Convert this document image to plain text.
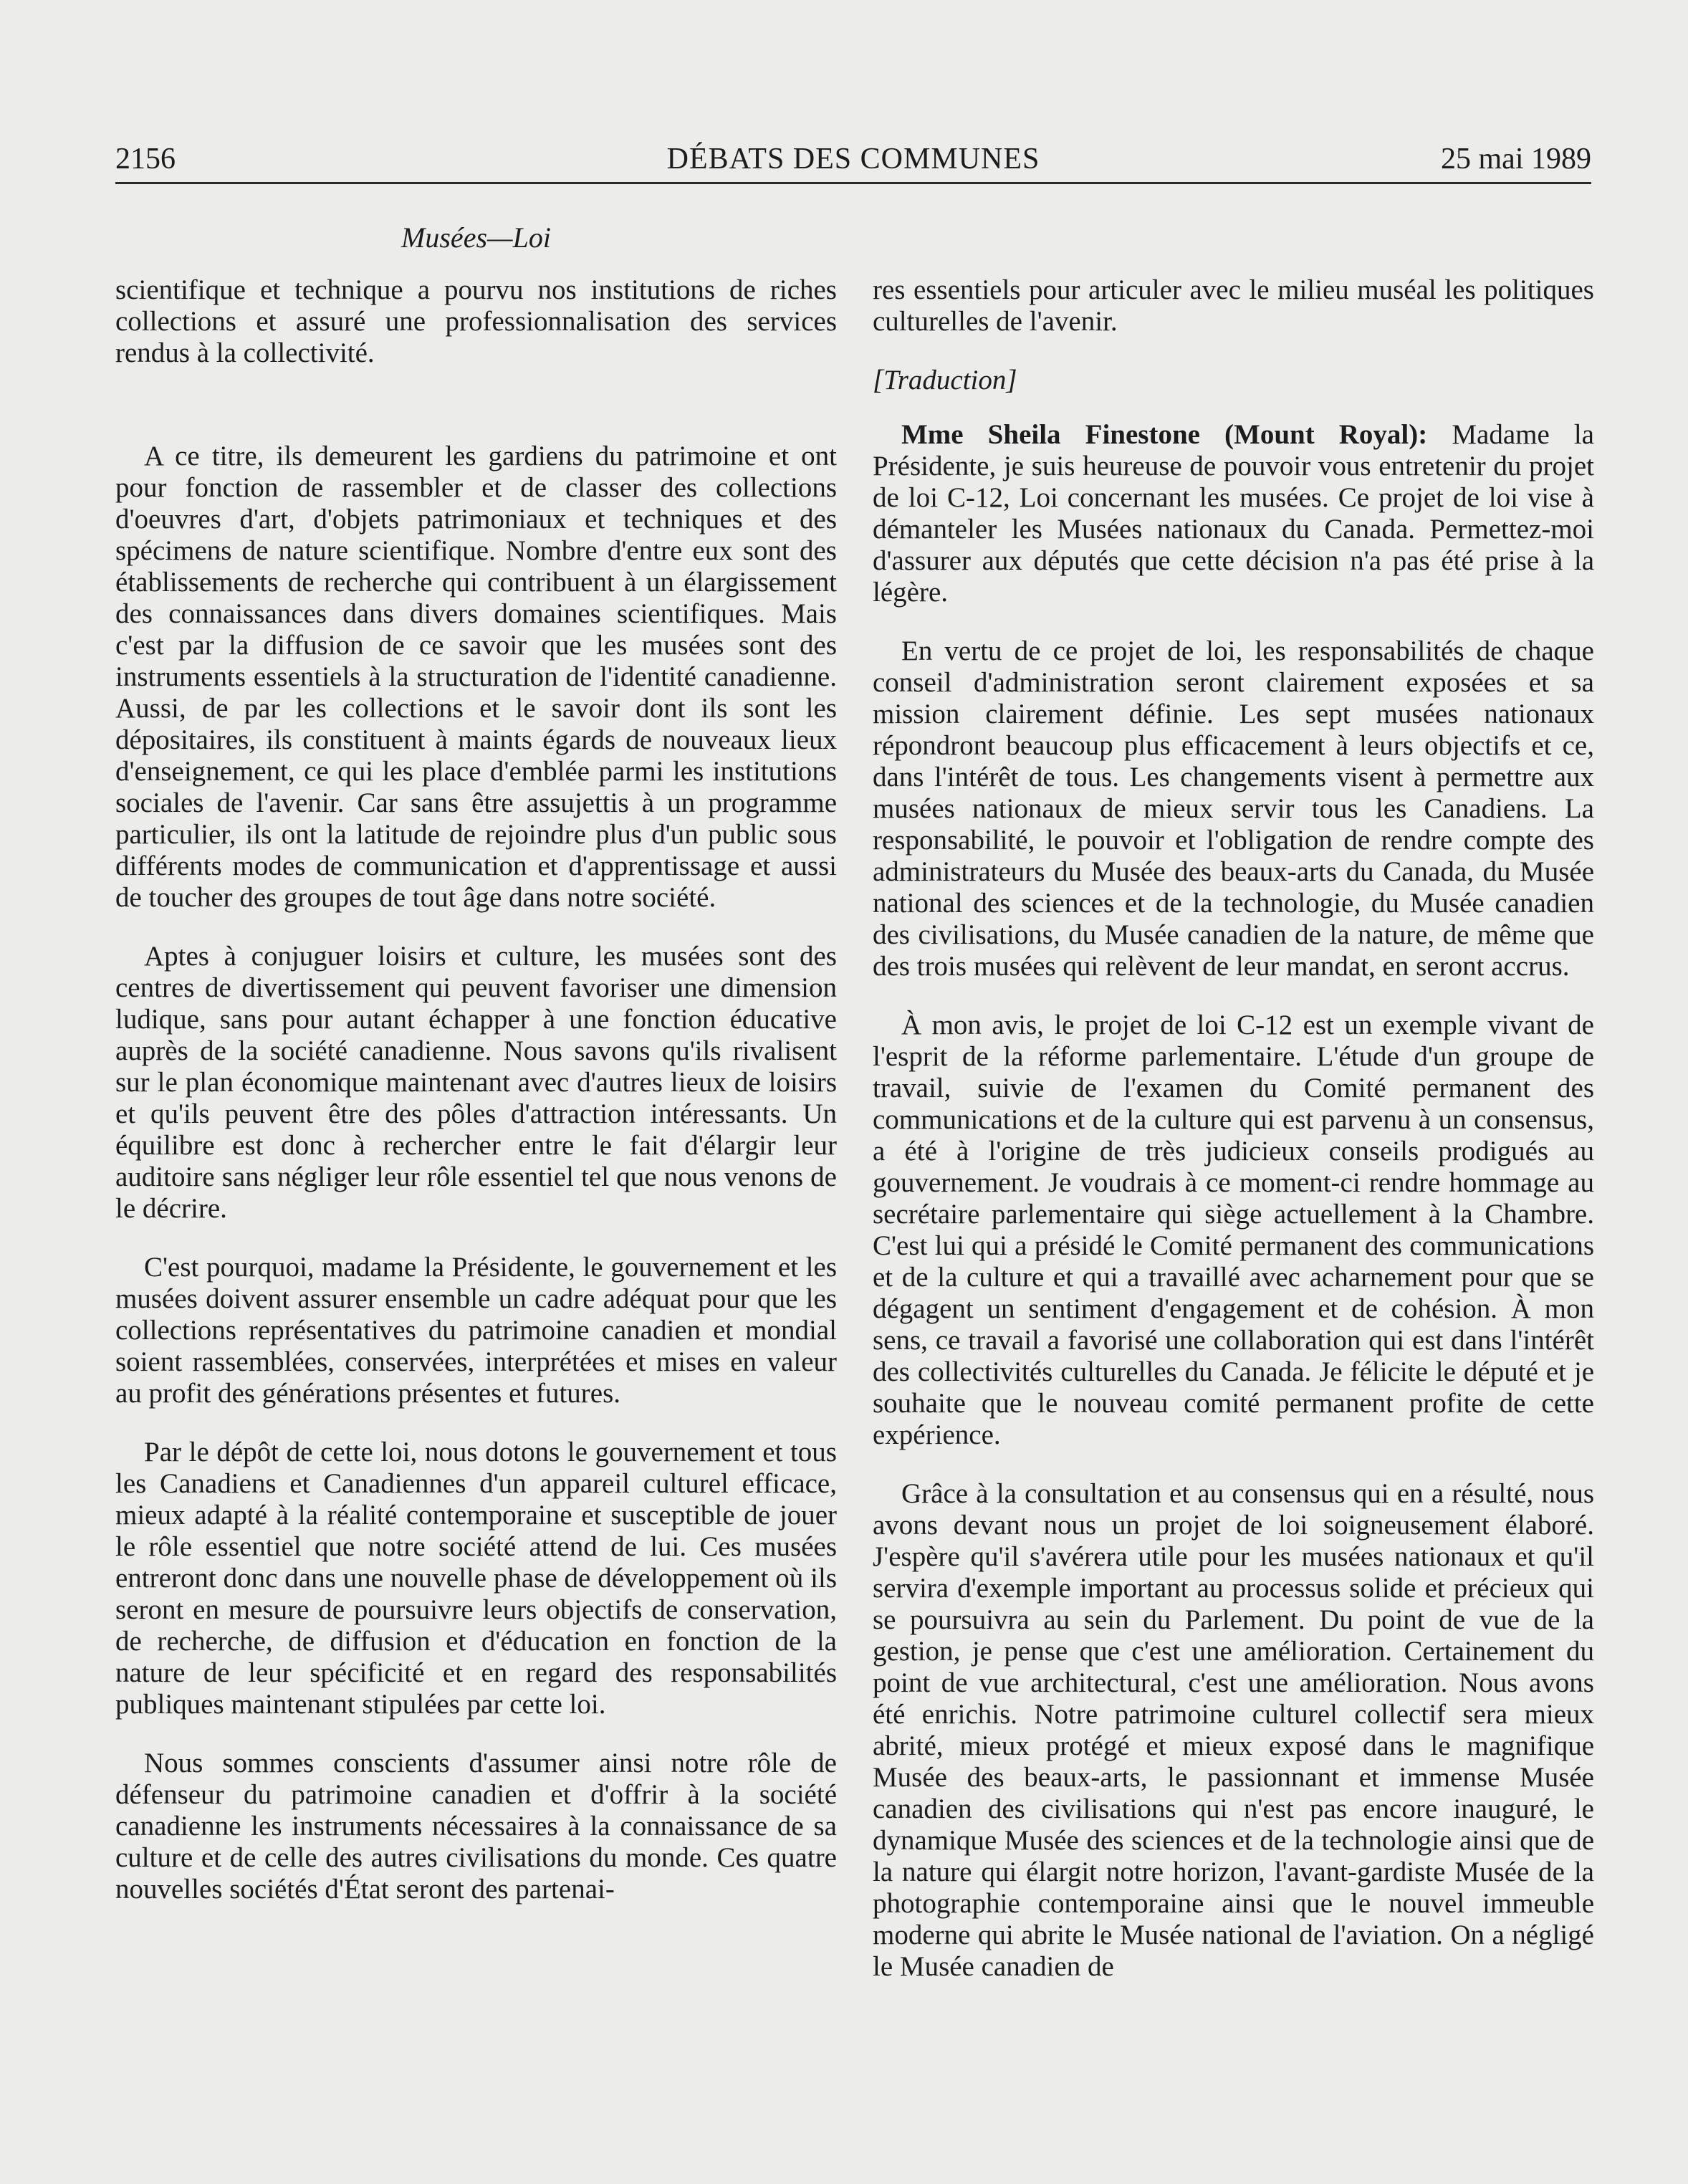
2156	DÉBATS DES COMMUNES	25 mai 1989
Musées—Loi

scientifique et technique a pourvu nos institutions de riches collections et assuré une professionnalisation des services rendus à la collectivité.

A ce titre, ils demeurent les gardiens du patrimoine et ont pour fonction de rassembler et de classer des collections d'oeuvres d'art, d'objets patrimoniaux et techniques et des spécimens de nature scientifique. Nombre d'entre eux sont des établissements de recherche qui contribuent à un élargissement des connaissances dans divers domaines scientifiques. Mais c'est par la diffusion de ce savoir que les musées sont des instruments essentiels à la structuration de l'identité canadienne. Aussi, de par les collections et le savoir dont ils sont les dépositaires, ils constituent à maints égards de nouveaux lieux d'enseignement, ce qui les place d'emblée parmi les institutions sociales de l'avenir. Car sans être assujettis à un programme particulier, ils ont la latitude de rejoindre plus d'un public sous différents modes de communication et d'apprentissage et aussi de toucher des groupes de tout âge dans notre société.

Aptes à conjuguer loisirs et culture, les musées sont des centres de divertissement qui peuvent favoriser une dimension ludique, sans pour autant échapper à une fonction éducative auprès de la société canadienne. Nous savons qu'ils rivalisent sur le plan économique maintenant avec d'autres lieux de loisirs et qu'ils peuvent être des pôles d'attraction intéressants. Un équilibre est donc à rechercher entre le fait d'élargir leur auditoire sans négliger leur rôle essentiel tel que nous venons de le décrire.

C'est pourquoi, madame la Présidente, le gouvernement et les musées doivent assurer ensemble un cadre adéquat pour que les collections représentatives du patrimoine canadien et mondial soient rassemblées, conservées, interprétées et mises en valeur au profit des générations présentes et futures.

Par le dépôt de cette loi, nous dotons le gouvernement et tous les Canadiens et Canadiennes d'un appareil culturel efficace, mieux adapté à la réalité contemporaine et susceptible de jouer le rôle essentiel que notre société attend de lui. Ces musées entreront donc dans une nouvelle phase de développement où ils seront en mesure de poursuivre leurs objectifs de conservation, de recherche, de diffusion et d'éducation en fonction de la nature de leur spécificité et en regard des responsabilités publiques maintenant stipulées par cette loi.

Nous sommes conscients d'assumer ainsi notre rôle de défenseur du patrimoine canadien et d'offrir à la société canadienne les instruments nécessaires à la connaissance de sa culture et de celle des autres civilisations du monde. Ces quatre nouvelles sociétés d'État seront des partenai-

res essentiels pour articuler avec le milieu muséal les politiques culturelles de l'avenir.

[Traduction]

Mme Sheila Finestone (Mount Royal): Madame la Présidente, je suis heureuse de pouvoir vous entretenir du projet de loi C-12, Loi concernant les musées. Ce projet de loi vise à démanteler les Musées nationaux du Canada. Permettez-moi d'assurer aux députés que cette décision n'a pas été prise à la légère.

En vertu de ce projet de loi, les responsabilités de chaque conseil d'administration seront clairement exposées et sa mission clairement définie. Les sept musées nationaux répondront beaucoup plus efficacement à leurs objectifs et ce, dans l'intérêt de tous. Les changements visent à permettre aux musées nationaux de mieux servir tous les Canadiens. La responsabilité, le pouvoir et l'obligation de rendre compte des administrateurs du Musée des beaux-arts du Canada, du Musée national des sciences et de la technologie, du Musée canadien des civilisations, du Musée canadien de la nature, de même que des trois musées qui relèvent de leur mandat, en seront accrus.

À mon avis, le projet de loi C-12 est un exemple vivant de l'esprit de la réforme parlementaire. L'étude d'un groupe de travail, suivie de l'examen du Comité permanent des communications et de la culture qui est parvenu à un consensus, a été à l'origine de très judicieux conseils prodigués au gouvernement. Je voudrais à ce moment-ci rendre hommage au secrétaire parlementaire qui siège actuellement à la Chambre. C'est lui qui a présidé le Comité permanent des communications et de la culture et qui a travaillé avec acharnement pour que se dégagent un sentiment d'engagement et de cohésion. À mon sens, ce travail a favorisé une collaboration qui est dans l'intérêt des collectivités culturelles du Canada. Je félicite le député et je souhaite que le nouveau comité permanent profite de cette expérience.

Grâce à la consultation et au consensus qui en a résulté, nous avons devant nous un projet de loi soigneusement élaboré. J'espère qu'il s'avérera utile pour les musées nationaux et qu'il servira d'exemple important au processus solide et précieux qui se poursuivra au sein du Parlement. Du point de vue de la gestion, je pense que c'est une amélioration. Certainement du point de vue architectural, c'est une amélioration. Nous avons été enrichis. Notre patrimoine culturel collectif sera mieux abrité, mieux protégé et mieux exposé dans le magnifique Musée des beaux-arts, le passionnant et immense Musée canadien des civilisations qui n'est pas encore inauguré, le dynamique Musée des sciences et de la technologie ainsi que de la nature qui élargit notre horizon, l'avant-gardiste Musée de la photographie contemporaine ainsi que le nouvel immeuble moderne qui abrite le Musée national de l'aviation. On a négligé le Musée canadien de
